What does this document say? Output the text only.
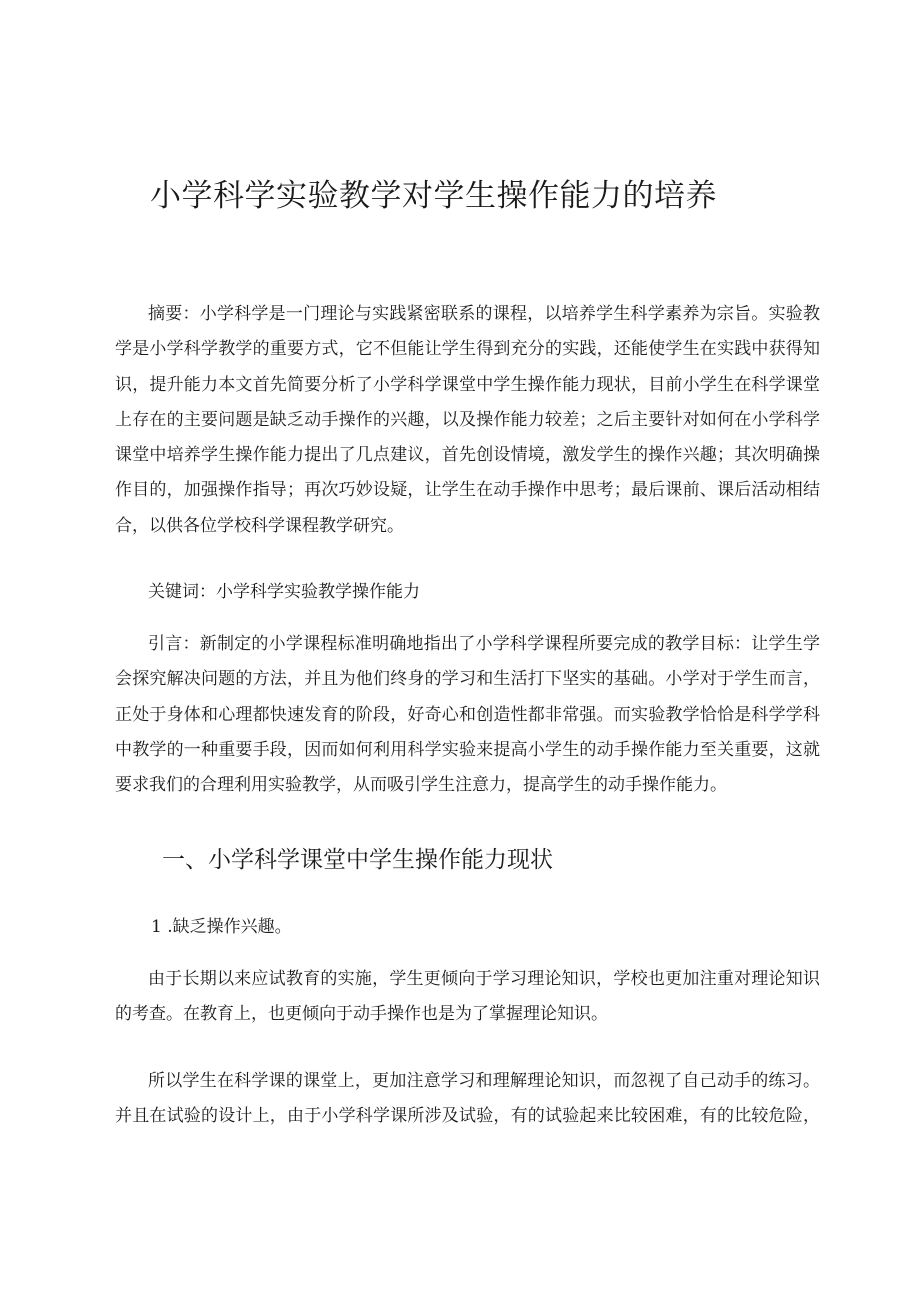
小学科学实验教学对学生操作能力的培养

摘要：小学科学是一门理论与实践紧密联系的课程，以培养学生科学素养为宗旨。实验教学是小学科学教学的重要方式，它不但能让学生得到充分的实践，还能使学生在实践中获得知识，提升能力本文首先简要分析了小学科学课堂中学生操作能力现状，目前小学生在科学课堂上存在的主要问题是缺乏动手操作的兴趣，以及操作能力较差；之后主要针对如何在小学科学课堂中培养学生操作能力提出了几点建议，首先创设情境，激发学生的操作兴趣；其次明确操作目的，加强操作指导；再次巧妙设疑，让学生在动手操作中思考；最后课前、课后活动相结合，以供各位学校科学课程教学研究。

关键词：小学科学实验教学操作能力

引言：新制定的小学课程标准明确地指出了小学科学课程所要完成的教学目标：让学生学会探究解决问题的方法，并且为他们终身的学习和生活打下坚实的基础。小学对于学生而言，正处于身体和心理都快速发育的阶段，好奇心和创造性都非常强。而实验教学恰恰是科学学科中教学的一种重要手段，因而如何利用科学实验来提高小学生的动手操作能力至关重要，这就要求我们的合理利用实验教学，从而吸引学生注意力，提高学生的动手操作能力。

一、小学科学课堂中学生操作能力现状
1 .缺乏操作兴趣。

由于长期以来应试教育的实施，学生更倾向于学习理论知识，学校也更加注重对理论知识的考查。在教育上，也更倾向于动手操作也是为了掌握理论知识。

所以学生在科学课的课堂上，更加注意学习和理解理论知识，而忽视了自己动手的练习。并且在试验的设计上，由于小学科学课所涉及试验，有的试验起来比较困难，有的比较危险，
